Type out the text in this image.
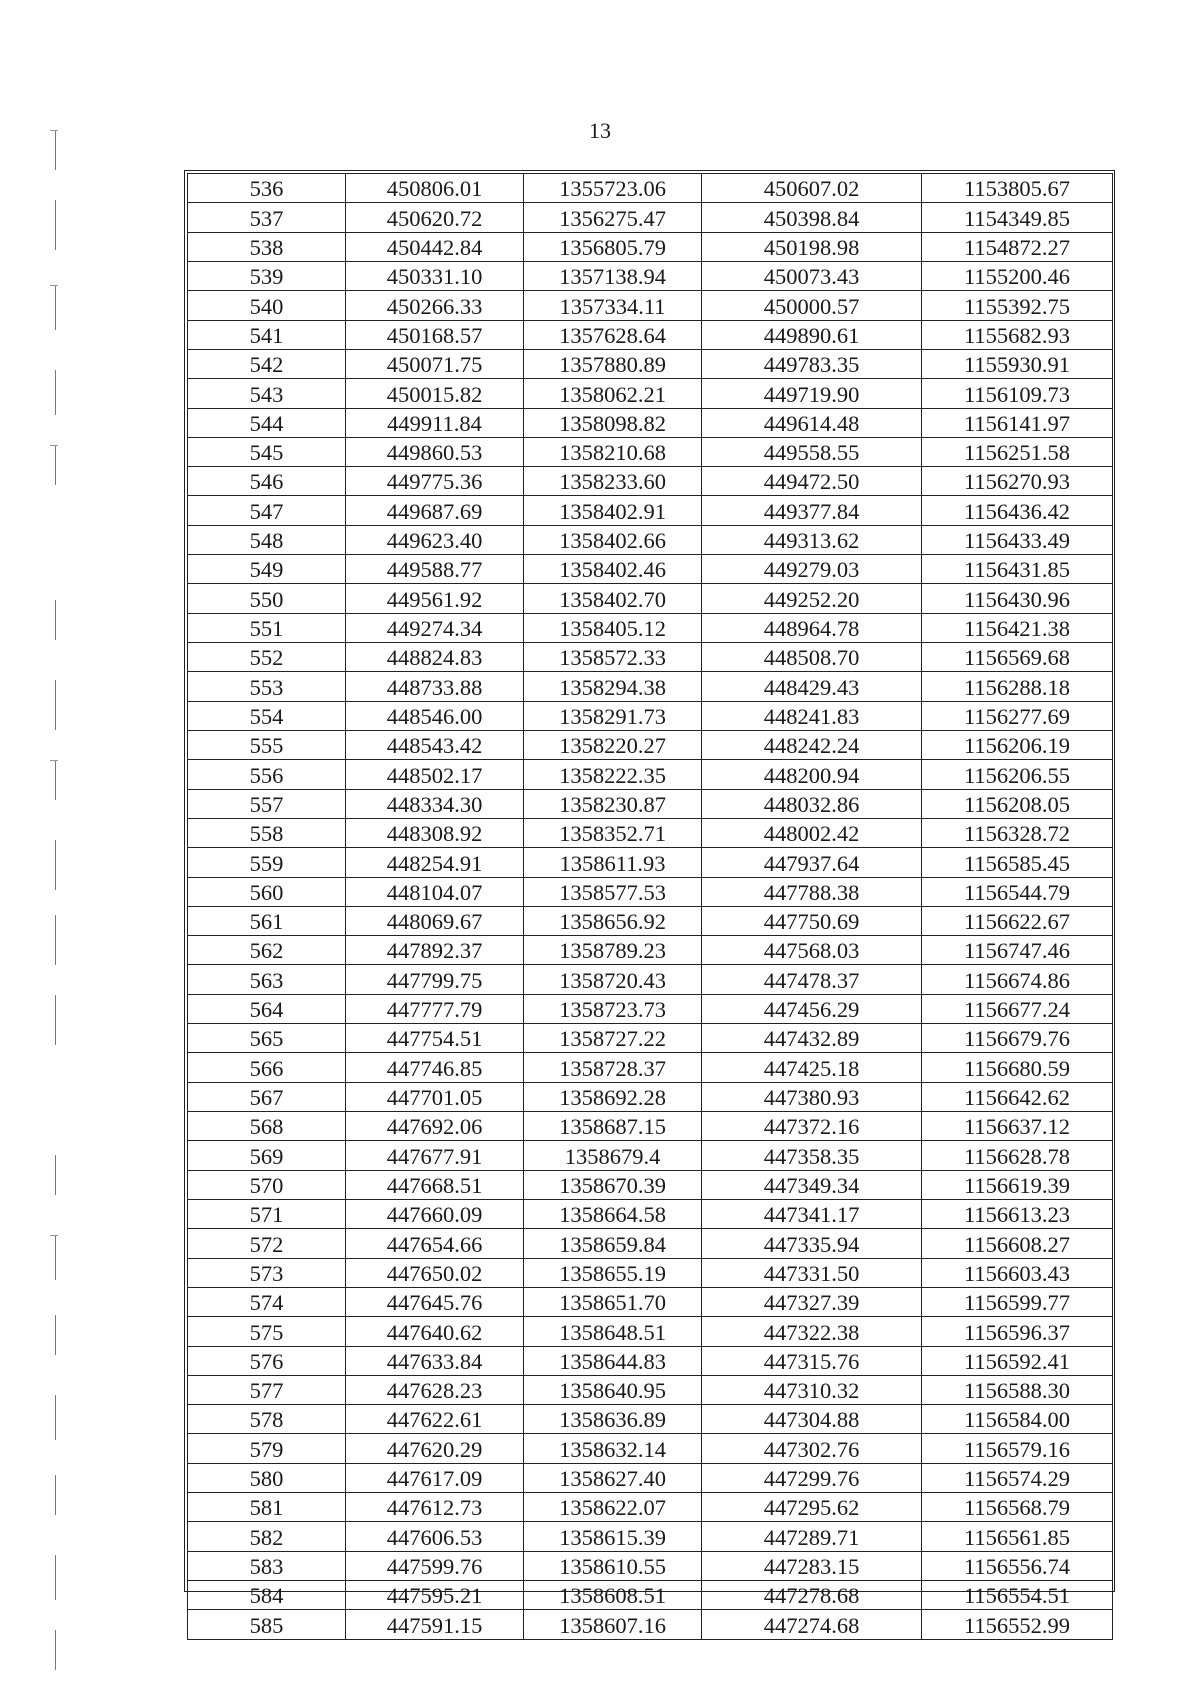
13
536	450806.01	1355723.06	450607.02	1153805.67
537	450620.72	1356275.47	450398.84	1154349.85
538	450442.84	1356805.79	450198.98	1154872.27
539	450331.10	1357138.94	450073.43	1155200.46
540	450266.33	1357334.11	450000.57	1155392.75
541	450168.57	1357628.64	449890.61	1155682.93
542	450071.75	1357880.89	449783.35	1155930.91
543	450015.82	1358062.21	449719.90	1156109.73
544	449911.84	1358098.82	449614.48	1156141.97
545	449860.53	1358210.68	449558.55	1156251.58
546	449775.36	1358233.60	449472.50	1156270.93
547	449687.69	1358402.91	449377.84	1156436.42
548	449623.40	1358402.66	449313.62	1156433.49
549	449588.77	1358402.46	449279.03	1156431.85
550	449561.92	1358402.70	449252.20	1156430.96
551	449274.34	1358405.12	448964.78	1156421.38
552	448824.83	1358572.33	448508.70	1156569.68
553	448733.88	1358294.38	448429.43	1156288.18
554	448546.00	1358291.73	448241.83	1156277.69
555	448543.42	1358220.27	448242.24	1156206.19
556	448502.17	1358222.35	448200.94	1156206.55
557	448334.30	1358230.87	448032.86	1156208.05
558	448308.92	1358352.71	448002.42	1156328.72
559	448254.91	1358611.93	447937.64	1156585.45
560	448104.07	1358577.53	447788.38	1156544.79
561	448069.67	1358656.92	447750.69	1156622.67
562	447892.37	1358789.23	447568.03	1156747.46
563	447799.75	1358720.43	447478.37	1156674.86
564	447777.79	1358723.73	447456.29	1156677.24
565	447754.51	1358727.22	447432.89	1156679.76
566	447746.85	1358728.37	447425.18	1156680.59
567	447701.05	1358692.28	447380.93	1156642.62
568	447692.06	1358687.15	447372.16	1156637.12
569	447677.91	1358679.4	447358.35	1156628.78
570	447668.51	1358670.39	447349.34	1156619.39
571	447660.09	1358664.58	447341.17	1156613.23
572	447654.66	1358659.84	447335.94	1156608.27
573	447650.02	1358655.19	447331.50	1156603.43
574	447645.76	1358651.70	447327.39	1156599.77
575	447640.62	1358648.51	447322.38	1156596.37
576	447633.84	1358644.83	447315.76	1156592.41
577	447628.23	1358640.95	447310.32	1156588.30
578	447622.61	1358636.89	447304.88	1156584.00
579	447620.29	1358632.14	447302.76	1156579.16
580	447617.09	1358627.40	447299.76	1156574.29
581	447612.73	1358622.07	447295.62	1156568.79
582	447606.53	1358615.39	447289.71	1156561.85
583	447599.76	1358610.55	447283.15	1156556.74
584	447595.21	1358608.51	447278.68	1156554.51
585	447591.15	1358607.16	447274.68	1156552.99
